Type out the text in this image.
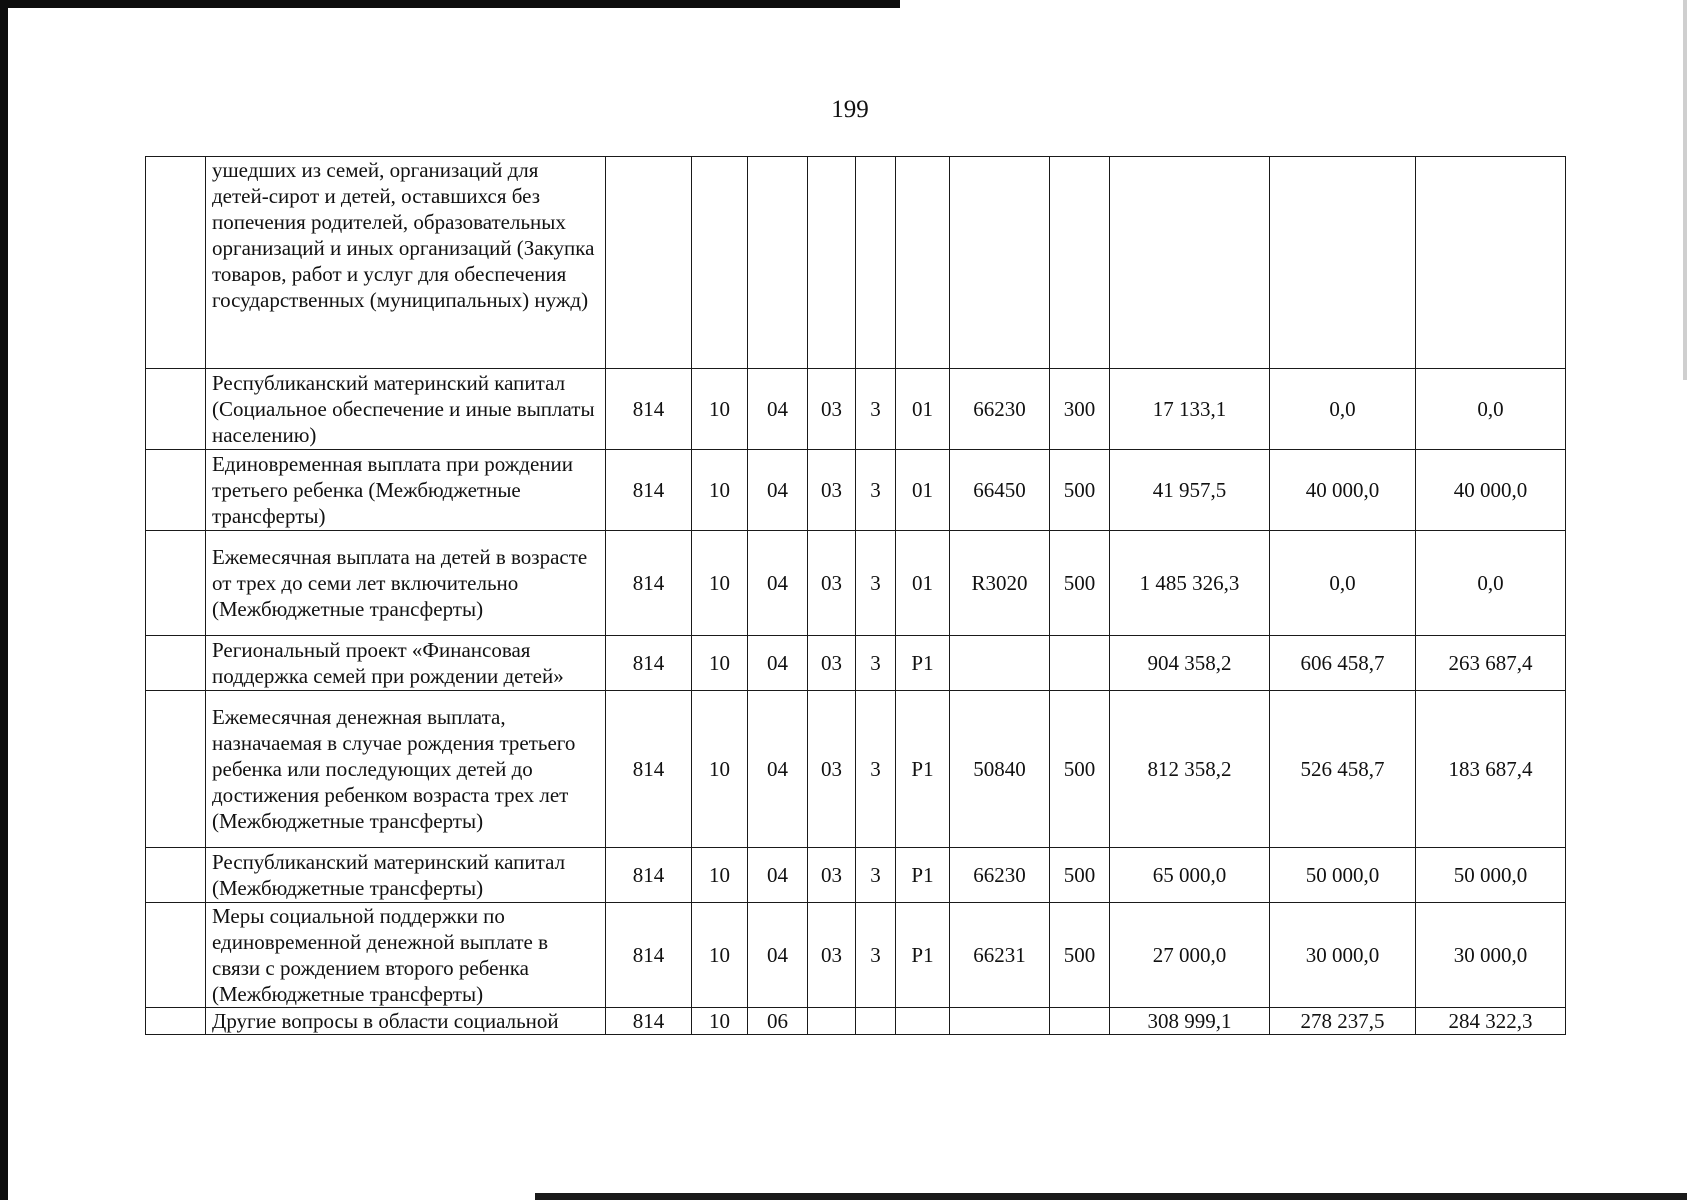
199
	ушедших из семей, организаций для детей-сирот и детей, оставшихся без попечения родителей, образовательных организаций и иных организаций (Закупка товаров, работ и услуг для обеспечения государственных (муниципальных) нужд)											
	Республиканский материнский капитал (Социальное обеспечение и иные выплаты населению)	814	10	04	03	3	01	66230	300	17 133,1	0,0	0,0
	Единовременная выплата при рождении третьего ребенка (Межбюджетные трансферты)	814	10	04	03	3	01	66450	500	41 957,5	40 000,0	40 000,0
	Ежемесячная выплата на детей в возрасте от трех до семи лет включительно (Межбюджетные трансферты)	814	10	04	03	3	01	R3020	500	1 485 326,3	0,0	0,0
	Региональный проект «Финансовая поддержка семей при рождении детей»	814	10	04	03	3	P1			904 358,2	606 458,7	263 687,4
	Ежемесячная денежная выплата, назначаемая в случае рождения третьего ребенка или последующих детей до достижения ребенком возраста трех лет (Межбюджетные трансферты)	814	10	04	03	3	P1	50840	500	812 358,2	526 458,7	183 687,4
	Республиканский материнский капитал (Межбюджетные трансферты)	814	10	04	03	3	P1	66230	500	65 000,0	50 000,0	50 000,0
	Меры социальной поддержки по единовременной денежной выплате в связи с рождением второго ребенка (Межбюджетные трансферты)	814	10	04	03	3	P1	66231	500	27 000,0	30 000,0	30 000,0
	Другие вопросы в области социальной	814	10	06						308 999,1	278 237,5	284 322,3
